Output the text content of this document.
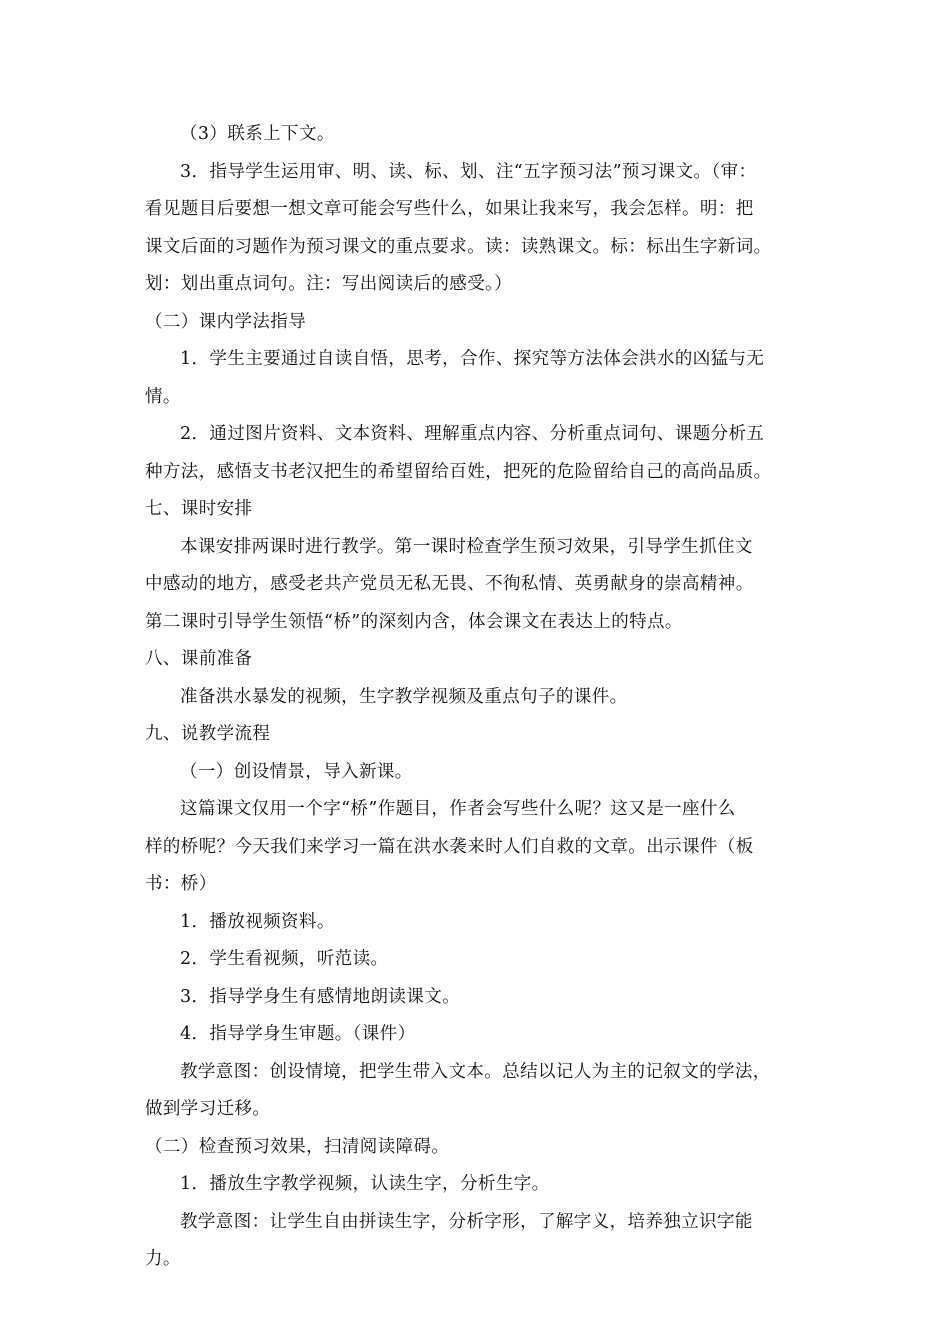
（3）联系上下文。
3．指导学生运用审、明、读、标、划、注“五字预习法”预习课文。（审：
看见题目后要想一想文章可能会写些什么，如果让我来写，我会怎样。明：把
课文后面的习题作为预习课文的重点要求。读：读熟课文。标：标出生字新词。
划：划出重点词句。注：写出阅读后的感受。）
（二）课内学法指导
1．学生主要通过自读自悟，思考，合作、探究等方法体会洪水的凶猛与无
情。
2．通过图片资料、文本资料、理解重点内容、分析重点词句、课题分析五
种方法，感悟支书老汉把生的希望留给百姓，把死的危险留给自己的高尚品质。
七、课时安排
本课安排两课时进行教学。第一课时检查学生预习效果，引导学生抓住文
中感动的地方，感受老共产党员无私无畏、不徇私情、英勇献身的崇高精神。
第二课时引导学生领悟“桥”的深刻内含，体会课文在表达上的特点。
八、课前准备
准备洪水暴发的视频，生字教学视频及重点句子的课件。
九、说教学流程
（一）创设情景，导入新课。
这篇课文仅用一个字“桥”作题目，作者会写些什么呢？这又是一座什么
样的桥呢？今天我们来学习一篇在洪水袭来时人们自救的文章。出示课件（板
书：桥）
1．播放视频资料。
2．学生看视频，听范读。
3．指导学身生有感情地朗读课文。
4．指导学身生审题。（课件）
教学意图：创设情境，把学生带入文本。总结以记人为主的记叙文的学法，
做到学习迁移。
（二）检查预习效果，扫清阅读障碍。
1．播放生字教学视频，认读生字，分析生字。
教学意图：让学生自由拼读生字，分析字形，了解字义，培养独立识字能
力。
